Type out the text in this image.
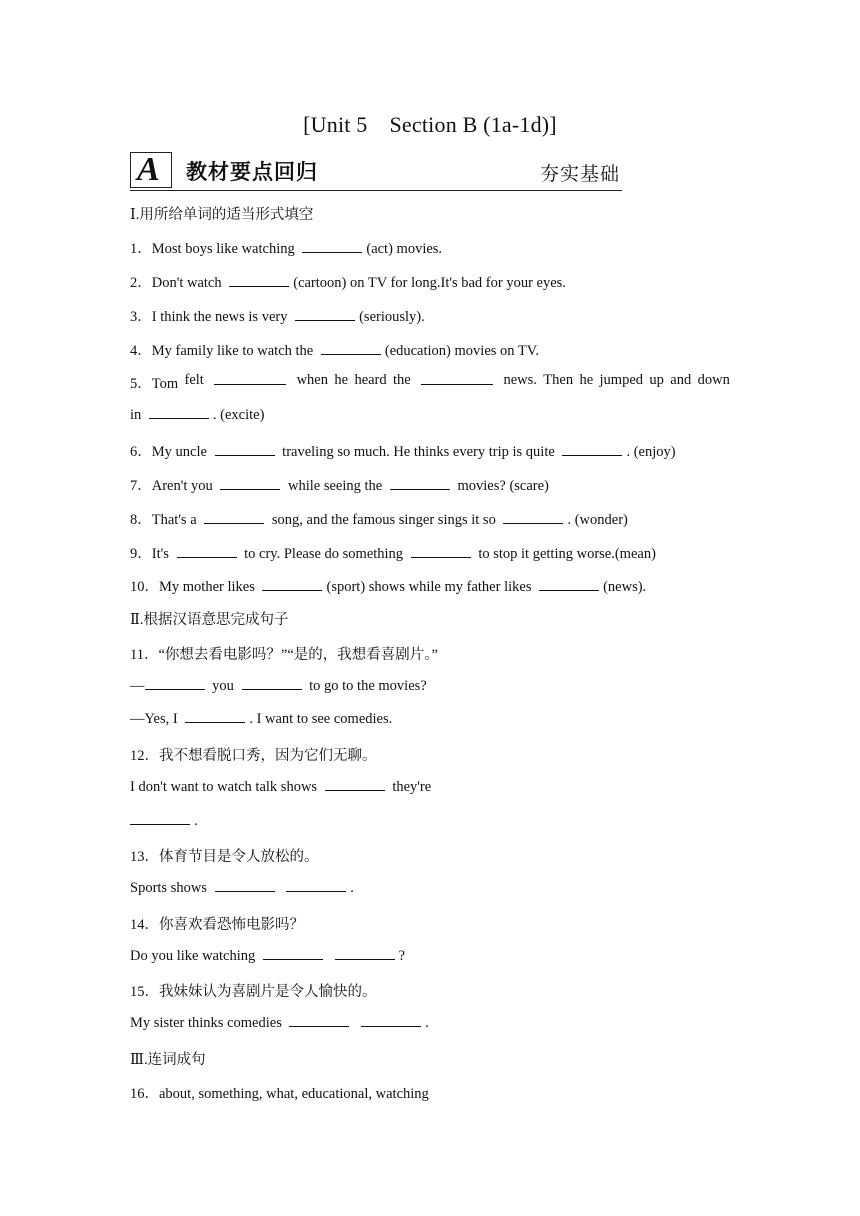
[Unit 5 Section B (1a-1d)]
A 教材要点回归	夯实基础
Ⅰ.用所给单词的适当形式填空
1．Most boys like watching	(act) movies.
2．Don't watch	(cartoon) on TV for long.It's bad for your eyes.
3．I think the news is very	(seriously).
4．My family like to watch the	(education) movies on TV.
5．Tom felt	when he heard the	news. Then he jumped up and down
in	. (excite)
6．My uncle	traveling so much. He thinks every trip is quite	. (enjoy)
7．Aren't you	while seeing the	movies? (scare)
8．That's a	song, and the famous singer sings it so	. (wonder)
9．It's	to cry. Please do something	to stop it getting worse.(mean)
10．My mother likes	(sport) shows while my father likes	(news).
Ⅱ.根据汉语意思完成句子
11．“你想去看电影吗？”“是的，我想看喜剧片。”
—	you	to go to the movies?
—Yes, I	. I want to see comedies.
12．我不想看脱口秀，因为它们无聊。
I don't want to watch talk shows	they're
.
13．体育节目是令人放松的。
Sports shows	.
14．你喜欢看恐怖电影吗？
Do you like watching	?
15．我妹妹认为喜剧片是令人愉快的。
My sister thinks comedies	.
Ⅲ.连词成句
16．about, something, what, educational, watching
